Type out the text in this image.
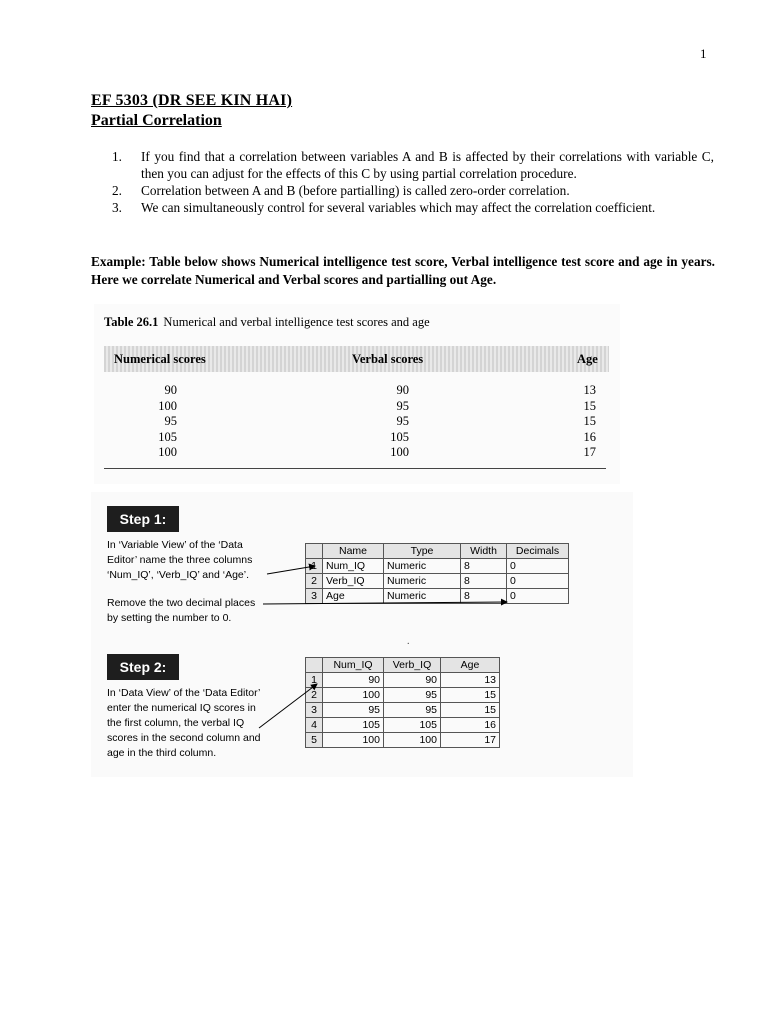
1
EF 5303 (DR SEE KIN HAI)
Partial Correlation
1. If you find that a correlation between variables A and B is affected by their correlations with variable C, then you can adjust for the effects of this C by using partial correlation procedure.
2. Correlation between A and B (before partialling) is called zero-order correlation.
3. We can simultaneously control for several variables which may affect the correlation coefficient.
Example: Table below shows Numerical intelligence test score, Verbal intelligence test score and age in years. Here we correlate Numerical and Verbal scores and partialling out Age.
Table 26.1 Numerical and verbal intelligence test scores and age
Numerical scores	Verbal scores	Age
90	90	13
100	95	15
95	95	15
105	105	16
100	100	17
Step 1:
In ‘Variable View’ of the ‘Data
Editor’ name the three columns
‘Num_IQ’, ‘Verb_IQ’ and ‘Age’.
Remove the two decimal places
by setting the number to 0.
	Name	Type	Width	Decimals
1	Num_IQ	Numeric	8	0
2	Verb_IQ	Numeric	8	0
3	Age	Numeric	8	0
Step 2:
In ‘Data View’ of the ‘Data Editor’
enter the numerical IQ scores in
the first column, the verbal IQ
scores in the second column and
age in the third column.
	Num_IQ	Verb_IQ	Age
1	90	90	13
2	100	95	15
3	95	95	15
4	105	105	16
5	100	100	17
.
